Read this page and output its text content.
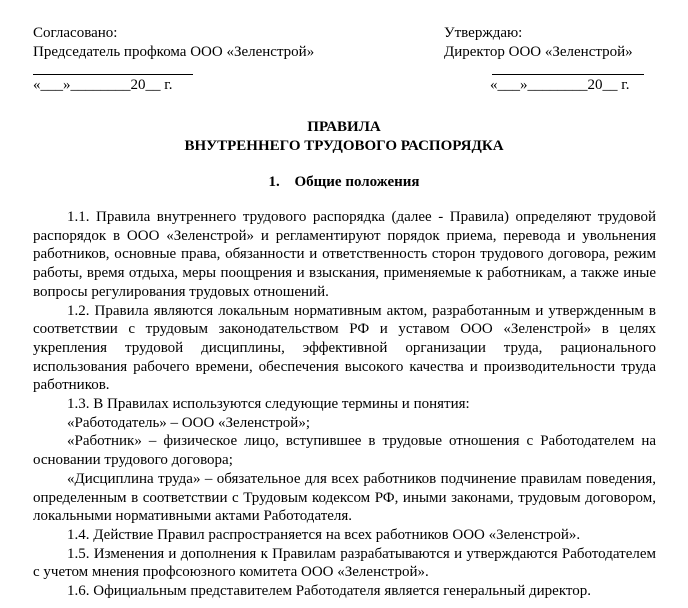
Согласовано:
Председатель профкома ООО «Зеленстрой»
«___»________20__ г.
Утверждаю:
Директор ООО «Зеленстрой»
«___»________20__ г.
ПРАВИЛА
ВНУТРЕННЕГО ТРУДОВОГО РАСПОРЯДКА
1. Общие положения

1.1. Правила внутреннего трудового распорядка (далее - Правила) определяют трудовой распорядок в ООО «Зеленстрой» и регламентируют порядок приема, перевода и увольнения работников, основные права, обязанности и ответственность сторон трудового договора, режим работы, время отдыха, меры поощрения и взыскания, применяемые к работникам, а также иные вопросы регулирования трудовых отношений.

1.2. Правила являются локальным нормативным актом, разработанным и утвержденным в соответствии с трудовым законодательством РФ и уставом ООО «Зеленстрой» в целях укрепления трудовой дисциплины, эффективной организации труда, рационального использования рабочего времени, обеспечения высокого качества и производительности труда работников.

1.3. В Правилах используются следующие термины и понятия:

«Работодатель» – ООО «Зеленстрой»;

«Работник» – физическое лицо, вступившее в трудовые отношения с Работодателем на основании трудового договора;

«Дисциплина труда» – обязательное для всех работников подчинение правилам поведения, определенным в соответствии с Трудовым кодексом РФ, иными законами, трудовым договором, локальными нормативными актами Работодателя.

1.4. Действие Правил распространяется на всех работников ООО «Зеленстрой».

1.5. Изменения и дополнения к Правилам разрабатываются и утверждаются Работодателем с учетом мнения профсоюзного комитета ООО «Зеленстрой».

1.6. Официальным представителем Работодателя является генеральный директор.
